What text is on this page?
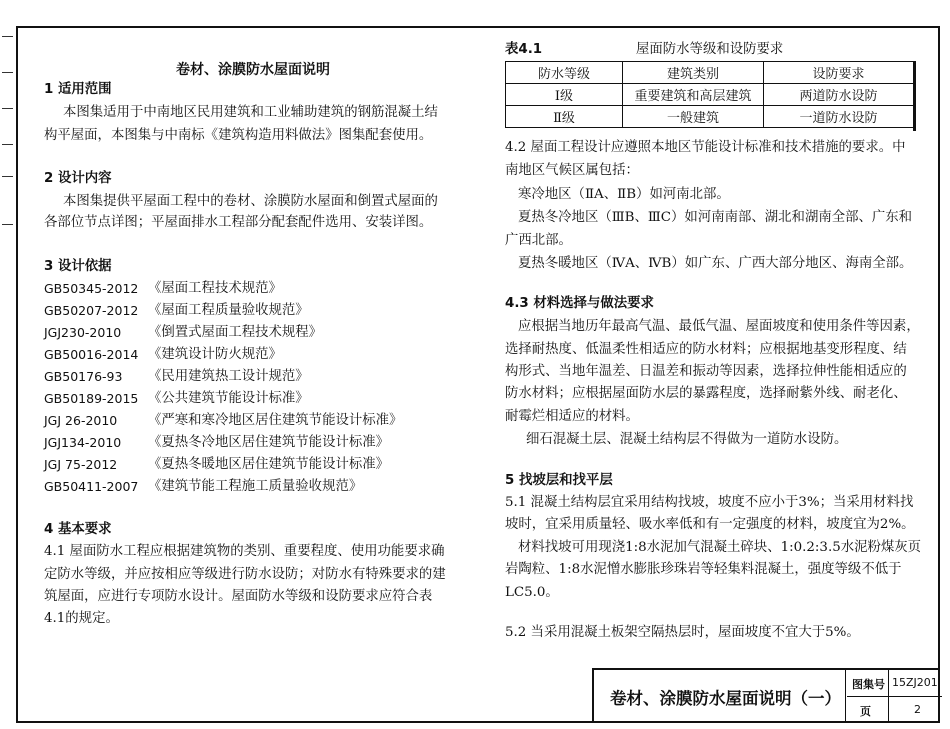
卷材、涂膜防水屋面说明
1 适用范围
本图集适用于中南地区民用建筑和工业辅助建筑的钢筋混凝土结
构平屋面，本图集与中南标《建筑构造用料做法》图集配套使用。
2 设计内容
本图集提供平屋面工程中的卷材、涂膜防水屋面和倒置式屋面的
各部位节点详图；平屋面排水工程部分配套配件选用、安装详图。
3 设计依据
GB50345-2012 《屋面工程技术规范》
GB50207-2012 《屋面工程质量验收规范》
JGJ230-2010 《倒置式屋面工程技术规程》
GB50016-2014 《建筑设计防火规范》
GB50176-93 《民用建筑热工设计规范》
GB50189-2015 《公共建筑节能设计标准》
JGJ 26-2010 《严寒和寒冷地区居住建筑节能设计标准》
JGJ134-2010 《夏热冬冷地区居住建筑节能设计标准》
JGJ 75-2012 《夏热冬暖地区居住建筑节能设计标准》
GB50411-2007 《建筑节能工程施工质量验收规范》
4 基本要求
4.1 屋面防水工程应根据建筑物的类别、重要程度、使用功能要求确
定防水等级，并应按相应等级进行防水设防；对防水有特殊要求的建
筑屋面，应进行专项防水设计。屋面防水等级和设防要求应符合表
4.1的规定。
表4.1	屋面防水等级和设防要求
防水等级	建筑类别	设防要求
Ⅰ级	重要建筑和高层建筑	两道防水设防
Ⅱ级	一般建筑	一道防水设防
4.2 屋面工程设计应遵照本地区节能设计标准和技术措施的要求。中
南地区气候区属包括：
寒冷地区（ⅡA、ⅡB）如河南北部。
夏热冬冷地区（ⅢB、ⅢC）如河南南部、湖北和湖南全部、广东和
广西北部。
夏热冬暖地区（ⅣA、ⅣB）如广东、广西大部分地区、海南全部。
4.3 材料选择与做法要求
应根据当地历年最高气温、最低气温、屋面坡度和使用条件等因素，
选择耐热度、低温柔性相适应的防水材料；应根据地基变形程度、结
构形式、当地年温差、日温差和振动等因素，选择拉伸性能相适应的
防水材料；应根据屋面防水层的暴露程度，选择耐紫外线、耐老化、
耐霉烂相适应的材料。
细石混凝土层、混凝土结构层不得做为一道防水设防。
5 找坡层和找平层
5.1 混凝土结构层宜采用结构找坡，坡度不应小于3%；当采用材料找
坡时，宜采用质量轻、吸水率低和有一定强度的材料，坡度宜为2%。
材料找坡可用现浇1:8水泥加气混凝土碎块、1:0.2:3.5水泥粉煤灰页
岩陶粒、1:8水泥憎水膨胀珍珠岩等轻集料混凝土，强度等级不低于
LC5.0。
5.2 当采用混凝土板架空隔热层时，屋面坡度不宜大于5%。
卷材、涂膜防水屋面说明（一）
图集号 15ZJ201
页	2
